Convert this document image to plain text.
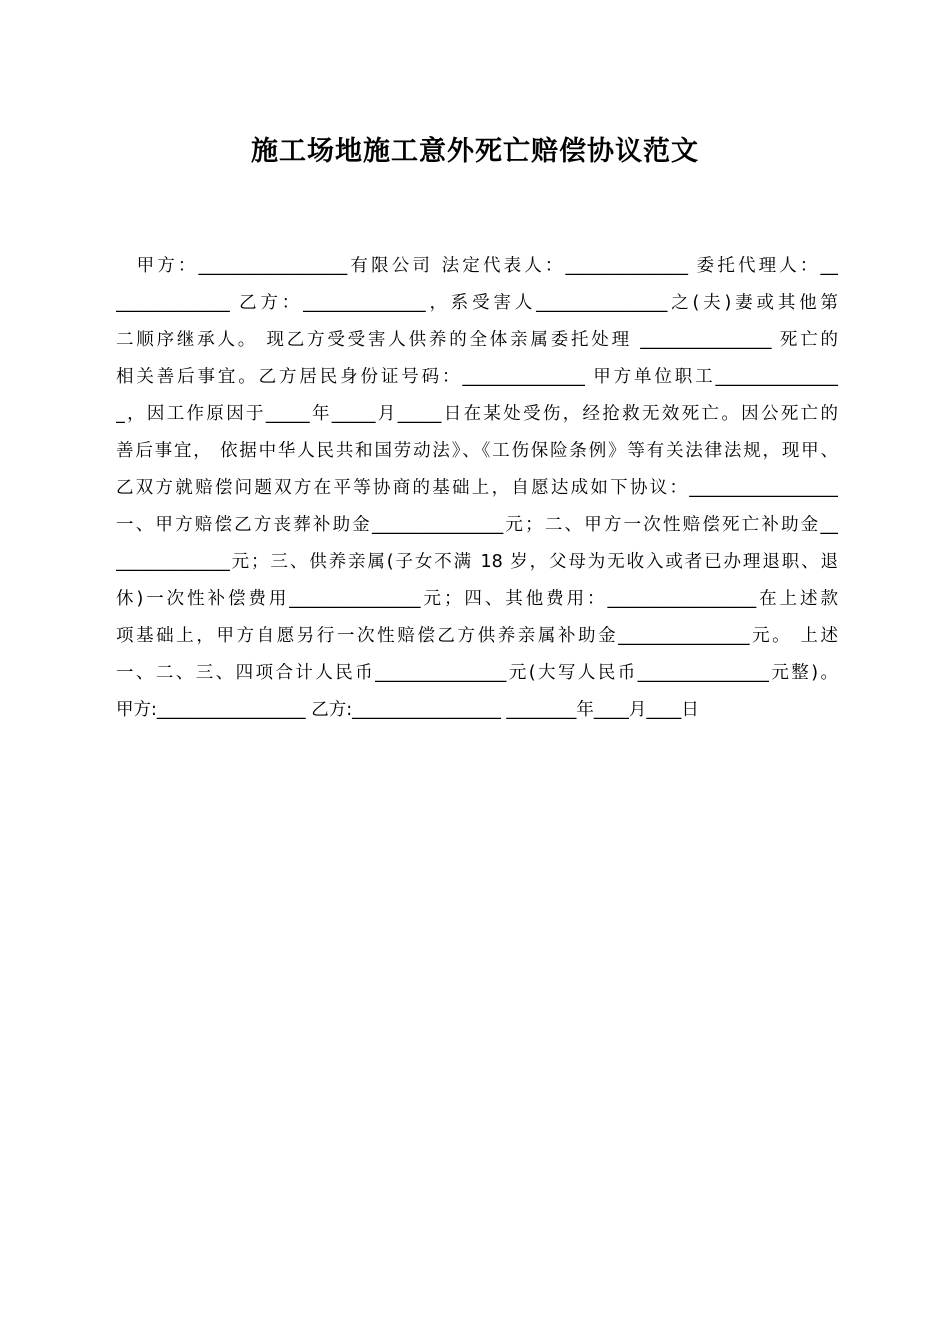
施工场地施工意外死亡赔偿协议范文
　甲方：_________________有限公司 法定代表人：______________ 委托代理人：__
_____________ 乙方：______________，系受害人_______________之(夫)妻或其他第
二顺序继承人。 现乙方受受害人供养的全体亲属委托处理 _______________ 死亡的
相关善后事宜。乙方居民身份证号码：______________ 甲方单位职工______________
_，因工作原因于_____年_____月_____日在某处受伤，经抢救无效死亡。因公死亡的
善后事宜， 依据中华人民共和国劳动法》、《工伤保险条例》等有关法律法规，现甲、
乙双方就赔偿问题双方在平等协商的基础上，自愿达成如下协议：_________________
一、甲方赔偿乙方丧葬补助金_______________元；二、甲方一次性赔偿死亡补助金__
_____________元；三、供养亲属(子女不满 18 岁，父母为无收入或者已办理退职、退
休)一次性补偿费用_______________元；四、其他费用：_________________在上述款
项基础上，甲方自愿另行一次性赔偿乙方供养亲属补助金_______________元。 上述
一、二、三、四项合计人民币_______________元(大写人民币_______________元整)。
甲方:_________________ 乙方:_________________ ________年____月____日
